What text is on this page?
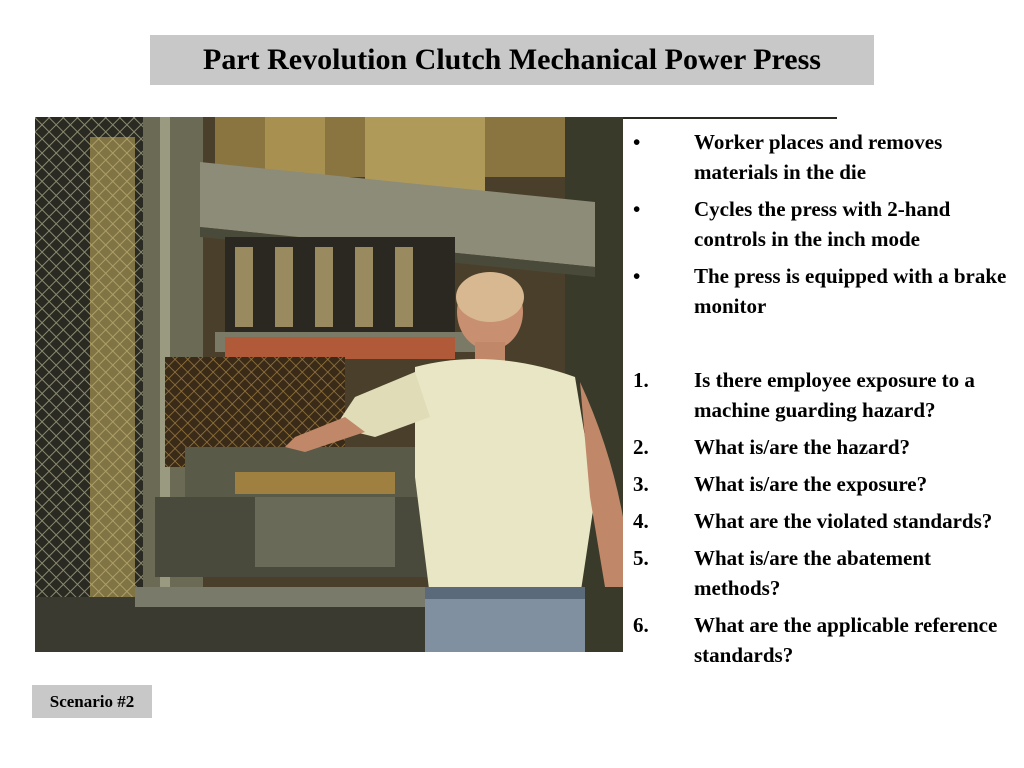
Part Revolution Clutch Mechanical Power Press
•	Worker places and removes materials in the die
•	Cycles the press with 2-hand controls in the inch mode
•	The press is equipped with a brake monitor
1.	Is there employee exposure to a machine guarding hazard?
2.	What is/are the hazard?
3.	What is/are the exposure?
4.	What are the violated standards?
5.	What is/are the abatement methods?
6.	What are the applicable reference standards?
Scenario #2
